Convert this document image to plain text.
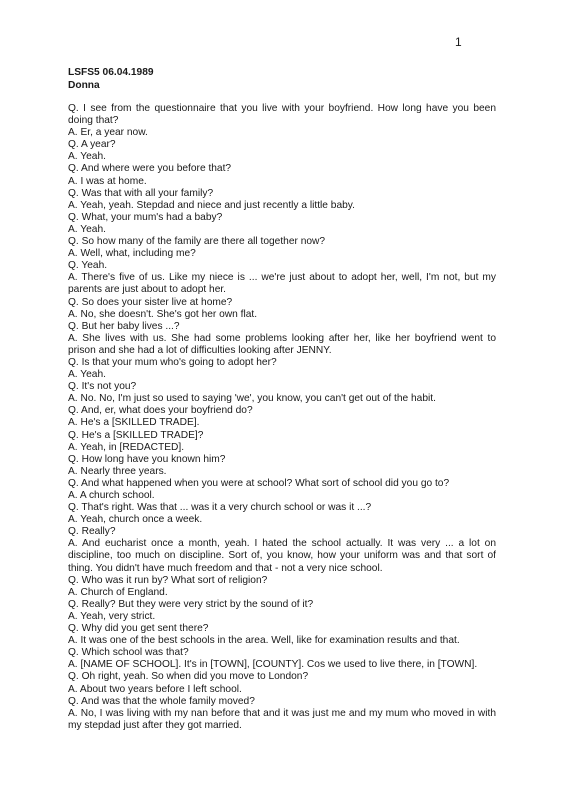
1
LSFS5 06.04.1989
Donna

Q. I see from the questionnaire that you live with your boyfriend. How long have you been doing that?

A. Er, a year now.

Q. A year?

A. Yeah.

Q. And where were you before that?

A. I was at home.

Q. Was that with all your family?

A. Yeah, yeah. Stepdad and niece and just recently a little baby.

Q. What, your mum's had a baby?

A. Yeah.

Q. So how many of the family are there all together now?

A. Well, what, including me?

Q. Yeah.

A. There's five of us. Like my niece is ... we're just about to adopt her, well, I'm not, but my parents are just about to adopt her.

Q. So does your sister live at home?

A. No, she doesn't. She's got her own flat.

Q. But her baby lives ...?

A. She lives with us. She had some problems looking after her, like her boyfriend went to prison and she had a lot of difficulties looking after JENNY.

Q. Is that your mum who's going to adopt her?

A. Yeah.

Q. It's not you?

A. No. No, I'm just so used to saying 'we', you know, you can't get out of the habit.

Q. And, er, what does your boyfriend do?

A. He's a [SKILLED TRADE].

Q. He's a [SKILLED TRADE]?

A. Yeah, in [REDACTED].

Q. How long have you known him?

A. Nearly three years.

Q. And what happened when you were at school? What sort of school did you go to?

A. A church school.

Q. That's right. Was that ... was it a very church school or was it ...?

A. Yeah, church once a week.

Q. Really?

A. And eucharist once a month, yeah. I hated the school actually. It was very ... a lot on discipline, too much on discipline. Sort of, you know, how your uniform was and that sort of thing. You didn't have much freedom and that - not a very nice school.

Q. Who was it run by? What sort of religion?

A. Church of England.

Q. Really? But they were very strict by the sound of it?

A. Yeah, very strict.

Q. Why did you get sent there?

A. It was one of the best schools in the area. Well, like for examination results and that.

Q. Which school was that?

A. [NAME OF SCHOOL]. It's in [TOWN], [COUNTY]. Cos we used to live there, in [TOWN].

Q. Oh right, yeah. So when did you move to London?

A. About two years before I left school.

Q. And was that the whole family moved?

A. No, I was living with my nan before that and it was just me and my mum who moved in with my stepdad just after they got married.
